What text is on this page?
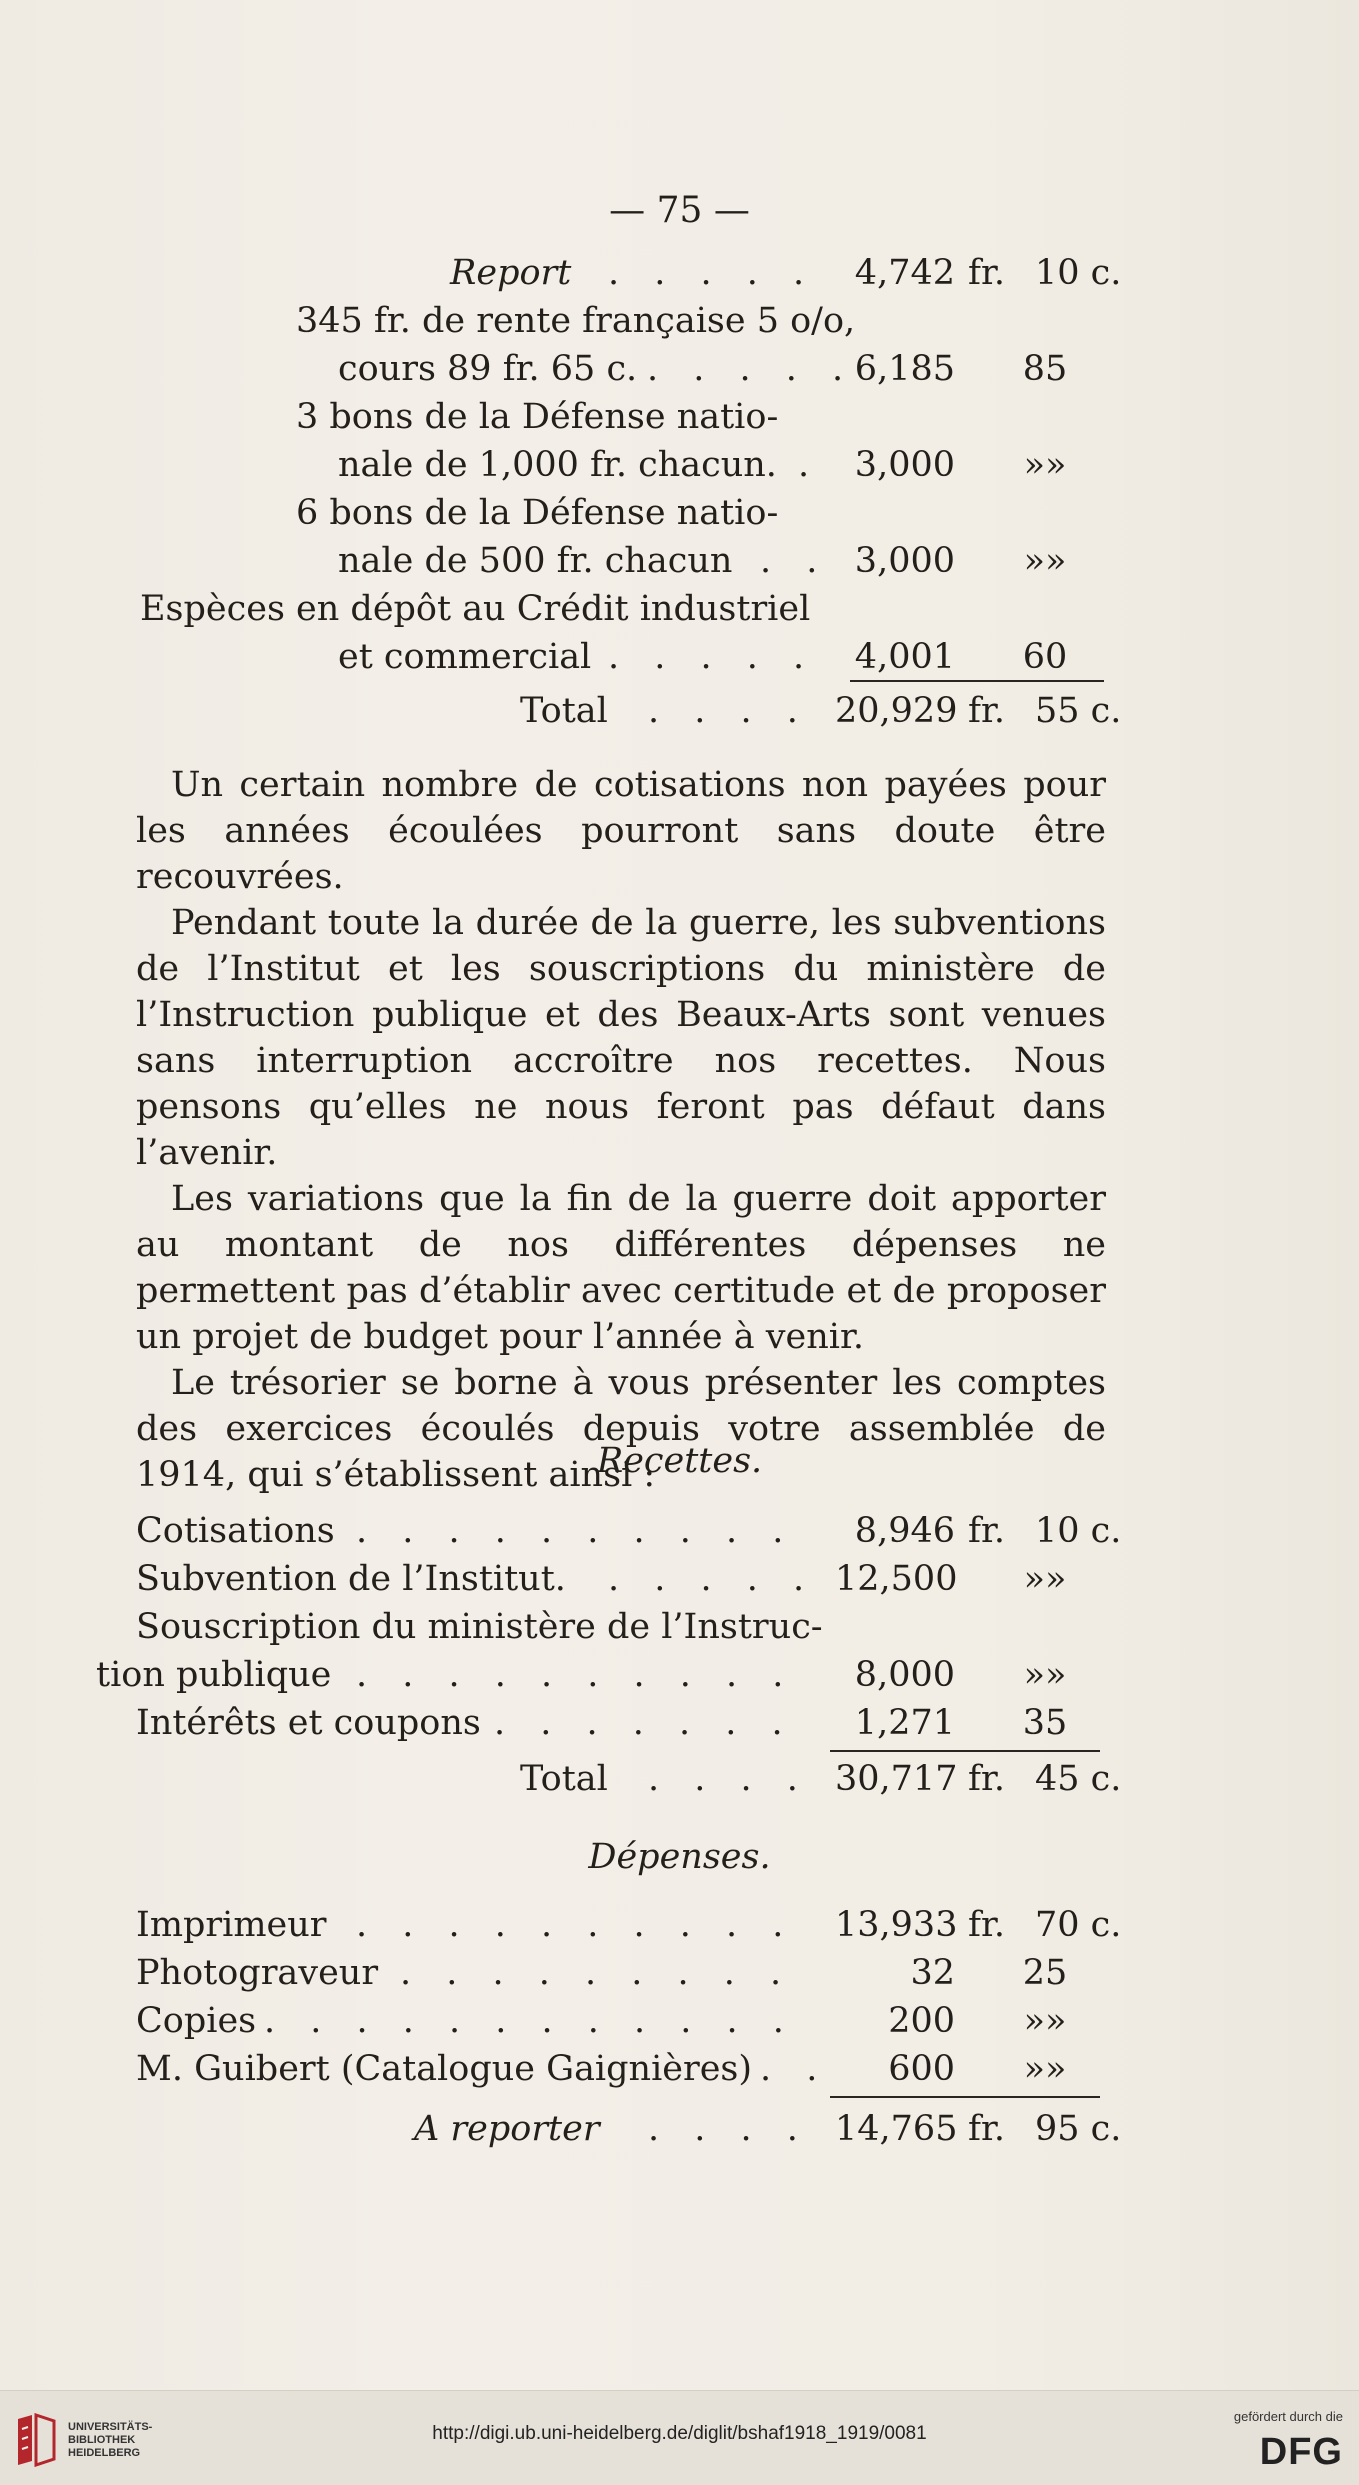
— 75 —
Report . . . . .	4,742 fr. 10 c.
345 fr. de rente française 5 o/o,
cours 89 fr. 65 c. . . . . . 6,185	85
3 bons de la Défense natio-
nale de 1,000 fr. chacun. . 3,000	»»
6 bons de la Défense natio-
nale de 500 fr. chacun . . 3,000	»»
Espèces en dépôt au Crédit industriel
et commercial . . . . .	4,001	60
Total . . . . 20,929 fr. 55 c.

Un certain nombre de cotisations non payées pour les années écoulées pourront sans doute être recouvrées.

Pendant toute la durée de la guerre, les subventions de l’Institut et les souscriptions du ministère de l’Instruction publique et des Beaux-Arts sont venues sans interruption accroître nos recettes. Nous pensons qu’elles ne nous feront pas défaut dans l’avenir.

Les variations que la fin de la guerre doit apporter au montant de nos différentes dépenses ne permettent pas d’établir avec certitude et de proposer un projet de budget pour l’année à venir.

Le trésorier se borne à vous présenter les comptes des exercices écoulés depuis votre assemblée de 1914, qui s’établissent ainsi :

Recettes.
Cotisations . . . . . . . . . .	8,946 fr. 10 c.
Subvention de l’Institut. . . . . . 12,500	»»
Souscription du ministère de l’Instruc-
tion publique . . . . . . . . . .	8,000	»»
Intérêts et coupons . . . . . . .	1,271	35
Total . . . . 30,717 fr. 45 c.
Dépenses.
Imprimeur . . . . . . . . . . 13,933 fr. 70 c.
Photograveur . . . . . . . . .	32	25
Copies . . . . . . . . . . . .	200	»»
M. Guibert (Catalogue Gaignières) . .	600	»»
A reporter . . . . 14,765 fr. 95 c.
UNIVERSITÄTS-
BIBLIOTHEK
HEIDELBERG
http://digi.ub.uni-heidelberg.de/diglit/bshaf1918_1919/0081
gefördert durch die
DFG
